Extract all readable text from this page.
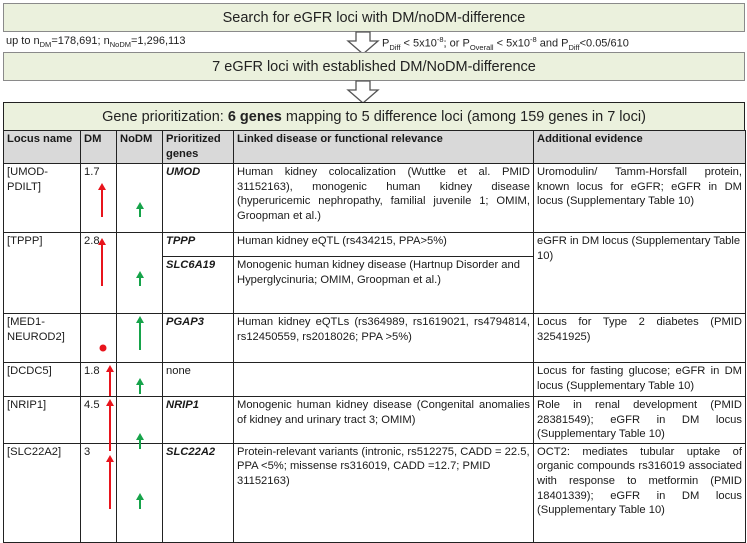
Search for eGFR loci with DM/noDM-difference
up to $n_{DM}=178,691$; $n_{NoDM}=1,296,113$	$P_{Diff} < 5x10^{-8}$; or $P_{Overall} < 5x10^{-8}$ and $P_{Diff}<0.05/610$
7 eGFR loci with established DM/NoDM-difference
Gene prioritization:
6 genes
mapping to 5 difference loci (among 159 genes in 7 loci)
Locus name	DM	NoDM	Prioritized genes	Linked disease or functional relevance	Additional evidence
[UMOD-PDILT]	1.7		UMOD	Human kidney colocalization (Wuttke et al. PMID 31152163), monogenic human kidney disease (hyperuricemic nephropathy, familial juvenile 1; OMIM, Groopman et al.)	Uromodulin/ Tamm-Horsfall protein, known locus for eGFR; eGFR in DM locus (Supplementary Table 10)
[TPPP]	2.8		TPPP	Human kidney eQTL (rs434215, PPA>5%)	eGFR in DM locus (Supplementary Table 10)
			SLC6A19	Monogenic human kidney disease (Hartnup Disorder and Hyperglycinuria; OMIM, Groopman et al.)	
[MED1-NEUROD2]			PGAP3	Human kidney eQTLs (rs364989, rs1619021, rs4794814, rs12450559, rs2018026; PPA >5%)	Locus for Type 2 diabetes (PMID 32541925)
[DCDC5]	1.8		none		Locus for fasting glucose; eGFR in DM locus (Supplementary Table 10)
[NRIP1]	4.5		NRIP1	Monogenic human kidney disease (Congenital anomalies of kidney and urinary tract 3; OMIM)	Role in renal development (PMID 28381549); eGFR in DM locus (Supplementary Table 10)
[SLC22A2]	3		SLC22A2	Protein-relevant variants (intronic, rs512275, CADD = 22.5, PPA <5%; missense rs316019, CADD =12.7; PMID 31152163)	OCT2: mediates tubular uptake of organic compounds rs316019 associated with response to metformin (PMID 18401339); eGFR in DM locus (Supplementary Table 10)
